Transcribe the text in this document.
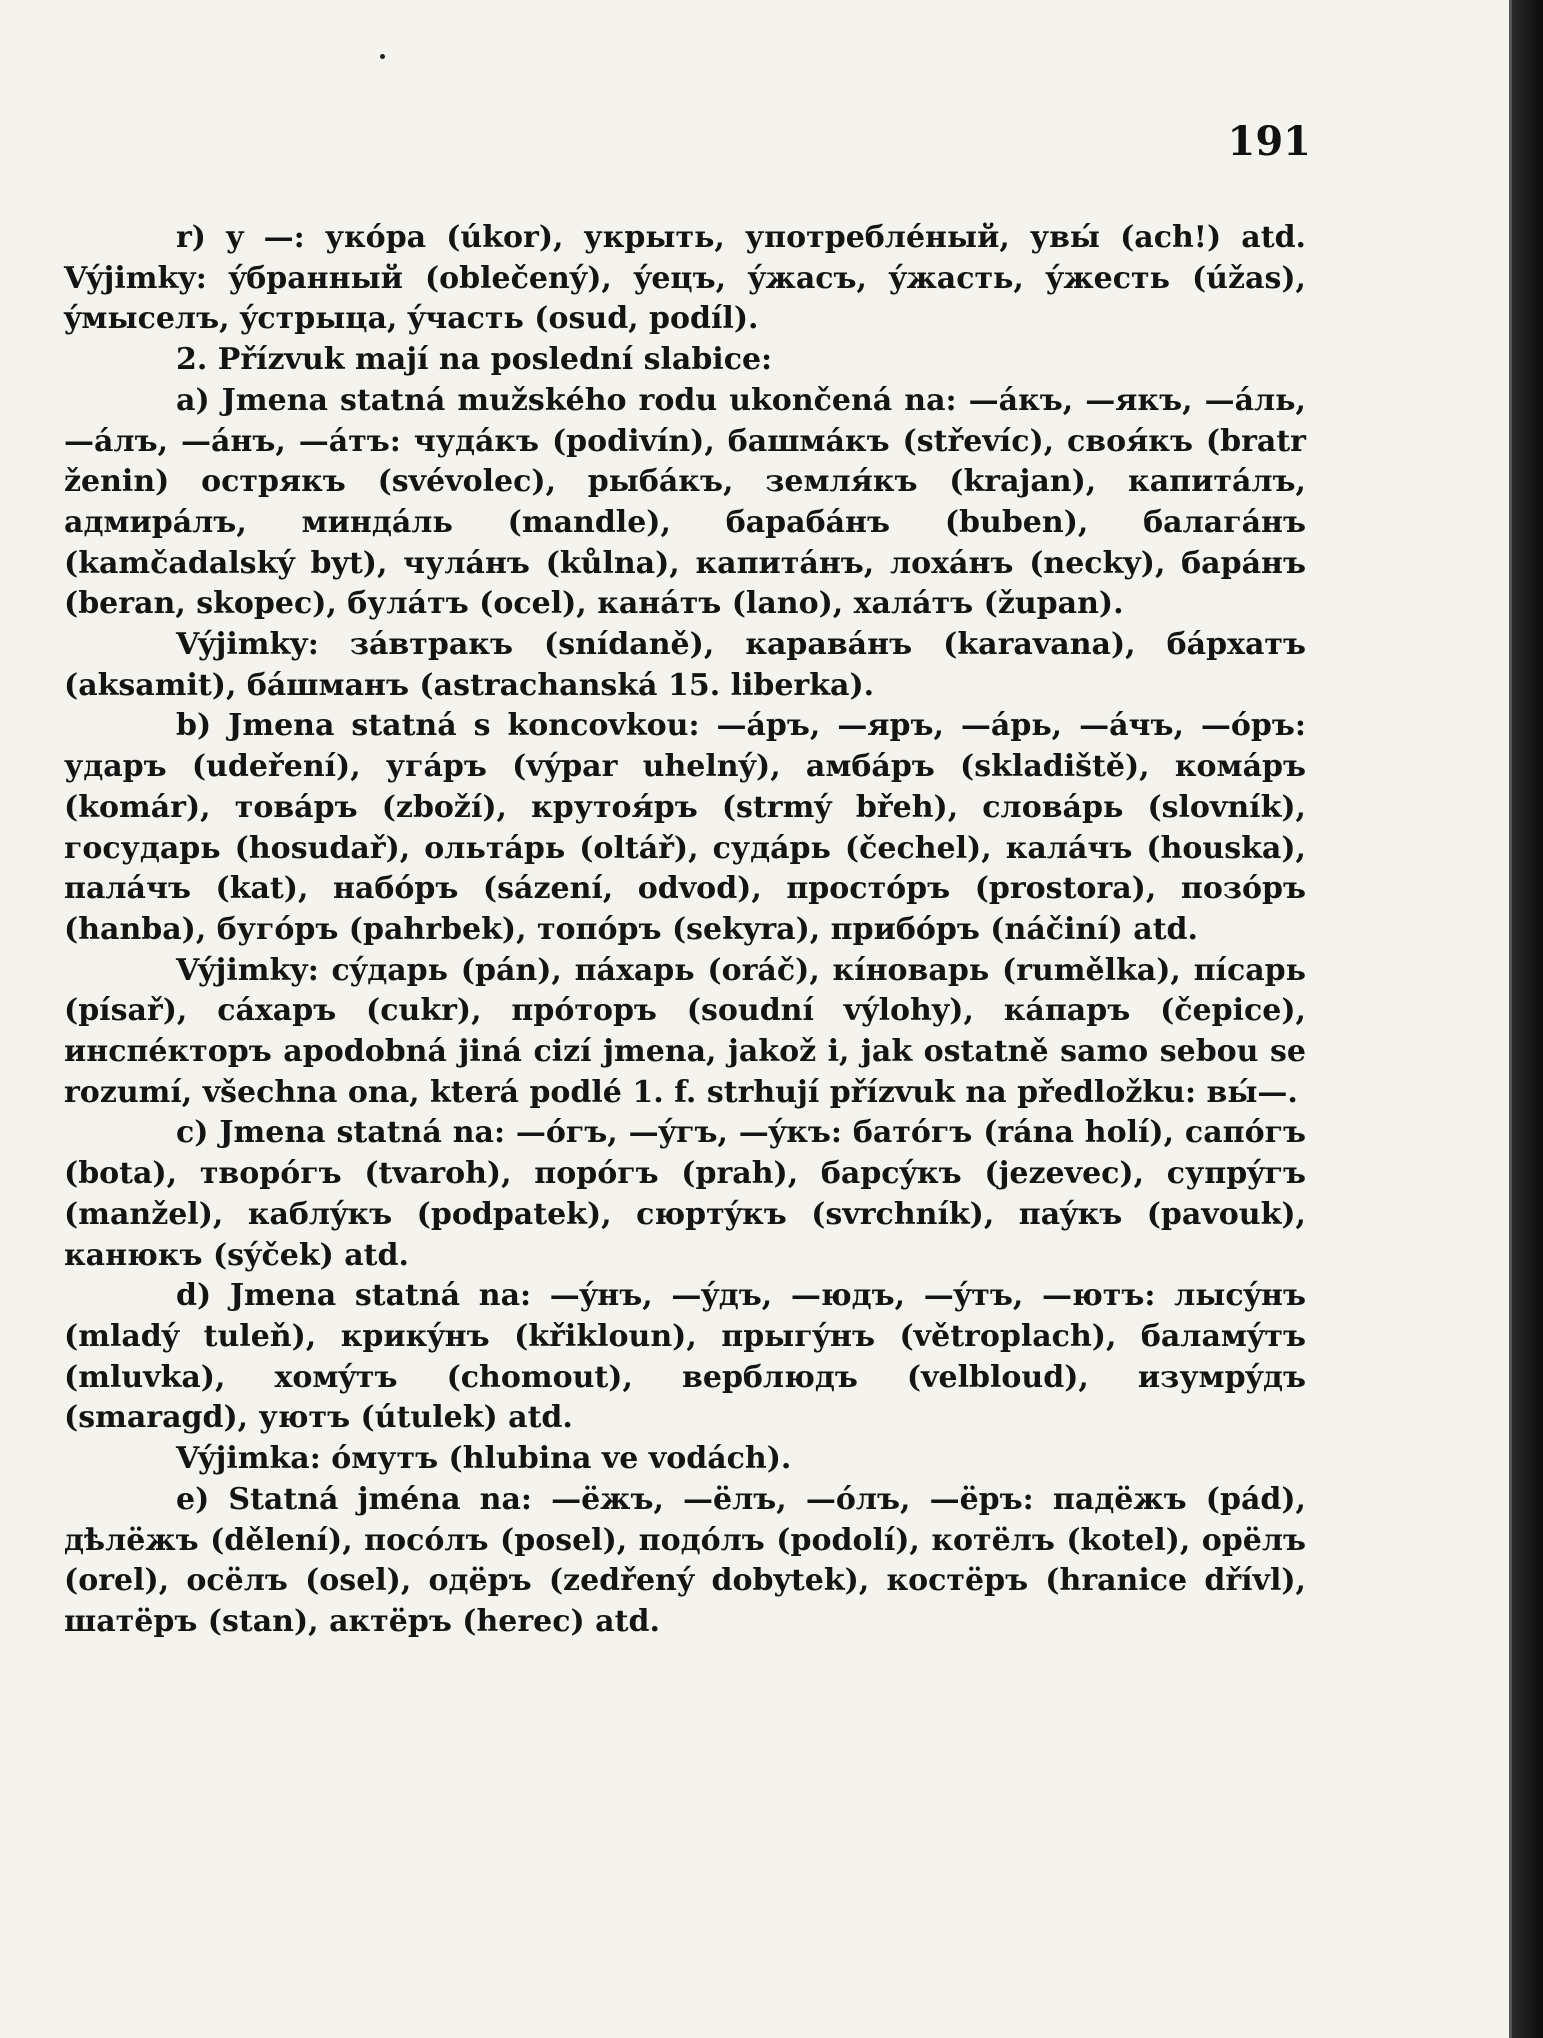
191

r) y —: укóра (úkor), укрыть, употреблéный, увы́ (ach!) atd. Výjimky: ýбранный (oblečený), ýецъ, ýжасъ, ýжасть, ýжесть (úžas), ýмыселъ, ýстрыца, ýчасть (osud, podíl).

2. Přízvuk mají na poslední slabice:

a) Jmena statná mužského rodu ukončená na: —áкъ, —якъ, —áль, —áлъ, —áнъ, —áтъ: чудáкъ (podivín), башмáкъ (střevíc), своя́къ (bratr ženin) острякъ (svévolec), рыбáкъ, земля́къ (krajan), капитáлъ, адмирáлъ, миндáль (mandle), барабáнъ (buben), балагáнъ (kamčadalský byt), чулáнъ (kůlna), капитáнъ, лохáнъ (necky), барáнъ (beran, skopec), булáтъ (ocel), канáтъ (lano), халáтъ (župan).

Výjimky: зáвтракъ (snídaně), каравáнъ (karavana), бáрхатъ (aksamit), бáшманъ (astrachanská 15. liberka).

b) Jmena statná s koncovkou: —áръ, —яръ, —áрь, —áчъ, —óръ: ударъ (udeření), угáръ (výpar uhelný), амбáръ (skladiště), комáръ (komár), товáръ (zboží), крутоя́ръ (strmý břeh), словáрь (slovník), государь (hosudař), ольтáрь (oltář), судáрь (čechel), калáчъ (houska), палáчъ (kat), набóръ (sázení, odvod), простóръ (prostora), позóръ (hanba), бугóръ (pahrbek), топóръ (sekyra), прибóръ (náčiní) atd.

Výjimky: сýдарь (pán), пáхарь (oráč), кíноварь (rumělka), пíсарь (písař), сáхаръ (cukr), прóторъ (soudní výlohy), кáпаръ (čepice), инспéкторъ apodobná jiná cizí jmena, jakož i, jak ostatně samo sebou se rozumí, všechna ona, která podlé 1. f. strhují přízvuk na předložku: вы́—.

c) Jmena statná na: —óгъ, —ýгъ, —ýкъ: батóгъ (rána holí), сапóгъ (bota), творóгъ (tvaroh), порóгъ (prah), барсýкъ (jezevec), супрýгъ (manžel), каблýкъ (podpatek), сюртýкъ (svrchník), паýкъ (pavouk), канюкъ (sýček) atd.

d) Jmena statná na: —ýнъ, —ýдъ, —юдъ, —ýтъ, —ютъ: лысýнъ (mladý tuleň), крикýнъ (křikloun), прыгýнъ (větroplach), баламýтъ (mluvka), хомýтъ (chomout), верблюдъ (velbloud), изумрýдъ (smaragd), уютъ (útulek) atd.

Výjimka: óмутъ (hlubina ve vodách).

e) Statná jména na: —ёжъ, —ёлъ, —óлъ, —ёръ: падёжъ (pád), дѣлёжъ (dělení), посóлъ (posel), подóлъ (podolí), котёлъ (kotel), орёлъ (orel), осёлъ (osel), одёръ (zedřený dobytek), костёръ (hranice dřívl), шатёръ (stan), актёръ (herec) atd.
